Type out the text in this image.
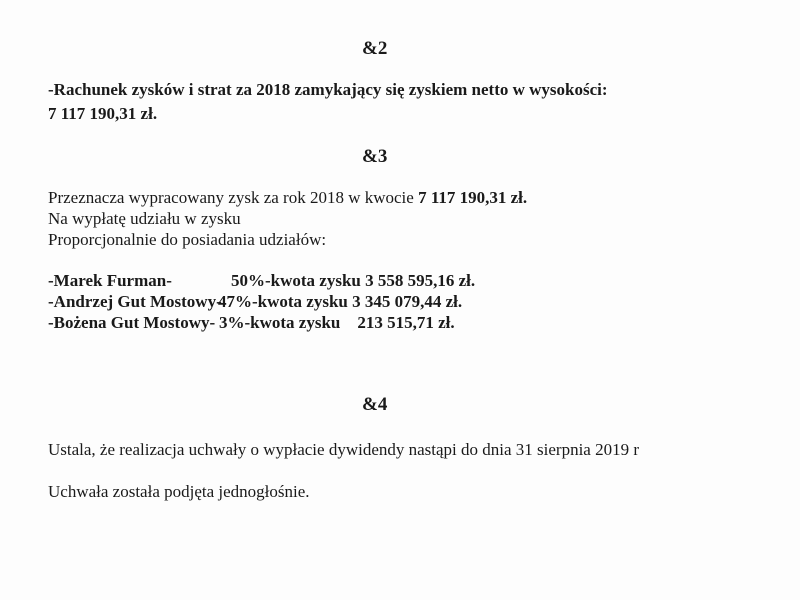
&2
-Rachunek zysków i strat za 2018 zamykający się zyskiem netto w wysokości:
7 117 190,31 zł.
&3
Przeznacza wypracowany zysk za rok 2018 w kwocie 7 117 190,31 zł.
Na wypłatę udziału w zysku
Proporcjonalnie do posiadania udziałów:
-Marek Furman-	50%-kwota zysku 3 558 595,16 zł.
-Andrzej Gut Mostowy-
47%-kwota zysku 3 345 079,44 zł.
-Bożena Gut Mostowy- 3%-kwota zysku    213 515,71 zł.
&4
Ustala, że realizacja uchwały o wypłacie dywidendy nastąpi do dnia 31 sierpnia 2019 r
Uchwała została podjęta jednogłośnie.
